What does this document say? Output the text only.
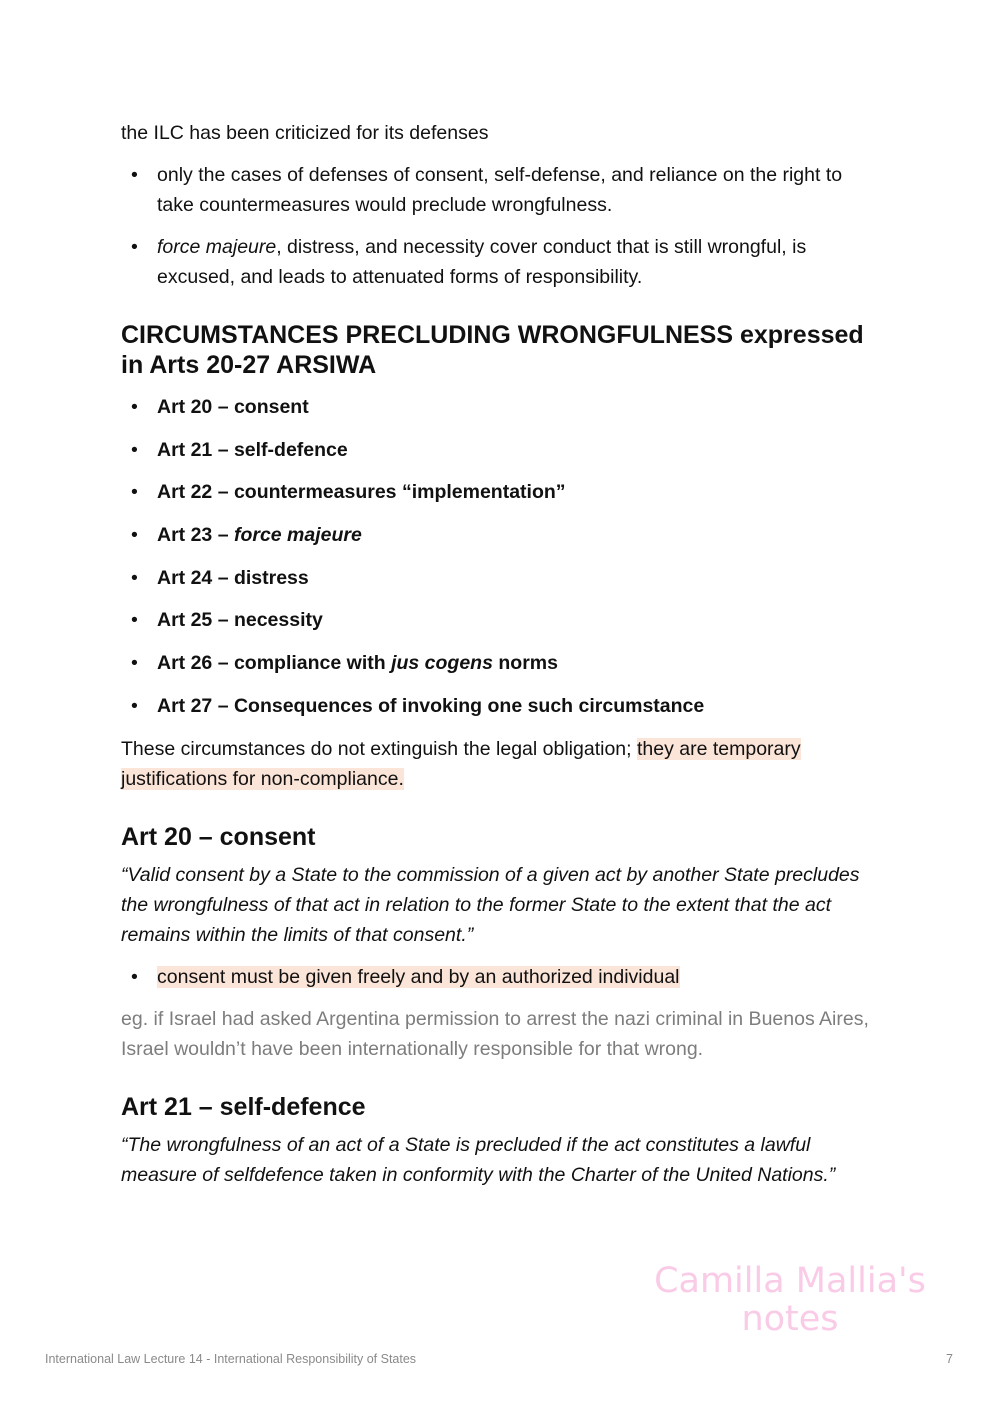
the ILC has been criticized for its defenses

• only the cases of defenses of consent, self-defense, and reliance on the right to take countermeasures would preclude wrongfulness.
• force majeure, distress, and necessity cover conduct that is still wrongful, is excused, and leads to attenuated forms of responsibility.
CIRCUMSTANCES PRECLUDING WRONGFULNESS expressed in Arts 20-27 ARSIWA
• Art 20 – consent
• Art 21 – self-defence
• Art 22 – countermeasures “implementation”
• Art 23 – force majeure
• Art 24 – distress
• Art 25 – necessity
• Art 26 – compliance with jus cogens norms
• Art 27 – Consequences of invoking one such circumstance

These circumstances do not extinguish the legal obligation; they are temporary justifications for non-compliance.

Art 20 – consent

“Valid consent by a State to the commission of a given act by another State precludes the wrongfulness of that act in relation to the former State to the extent that the act remains within the limits of that consent.”

• consent must be given freely and by an authorized individual

eg. if Israel had asked Argentina permission to arrest the nazi criminal in Buenos Aires, Israel wouldn’t have been internationally responsible for that wrong.

Art 21 – self-defence

“The wrongfulness of an act of a State is precluded if the act constitutes a lawful measure of selfdefence taken in conformity with the Charter of the United Nations.”

Camilla Mallia's
notes
International Law Lecture 14 - International Responsibility of States	7
